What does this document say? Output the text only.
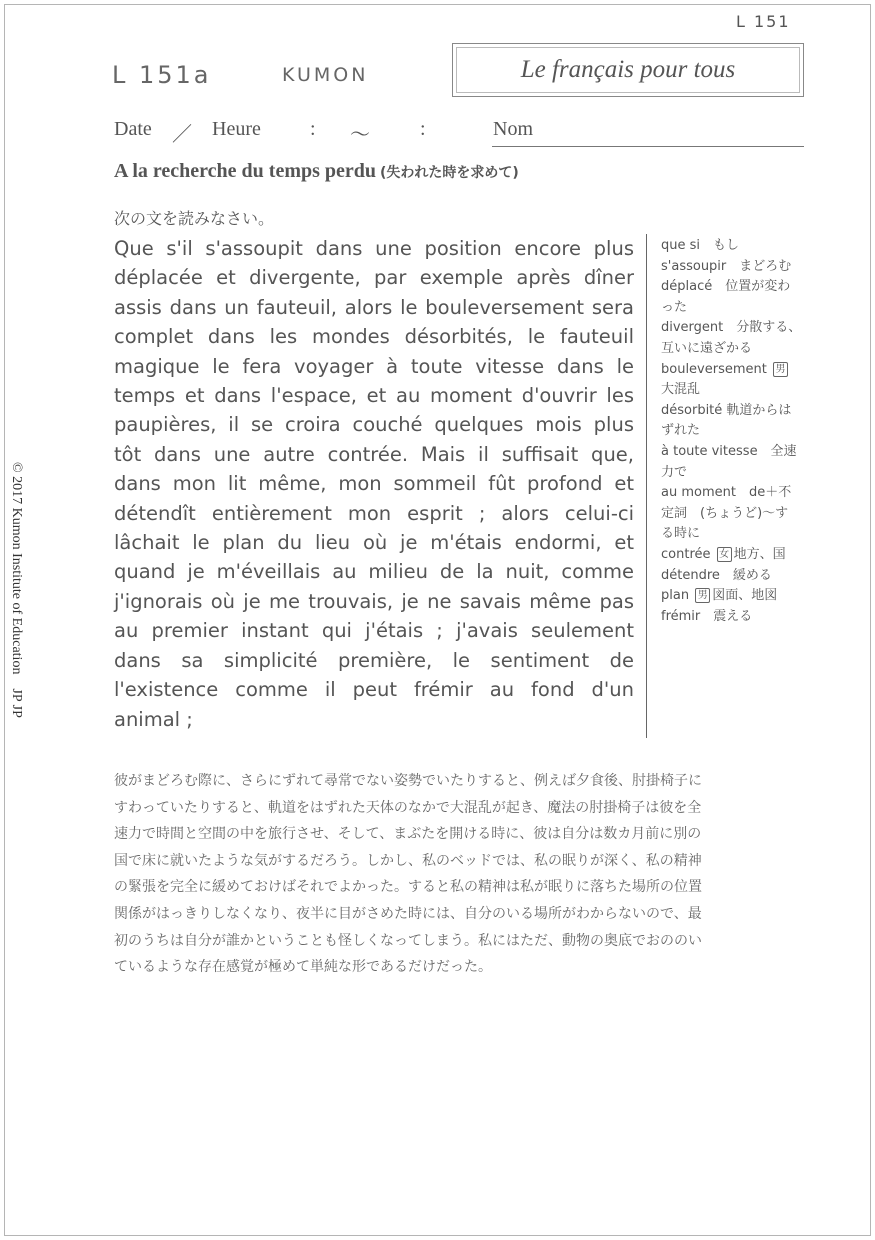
L 151
L 151a	KUMON	Le français pour tous
Date ／ Heure : 〜	:	Nom
A la recherche du temps perdu (失われた時を求めて)
次の文を読みなさい。
Que s'il s'assoupit dans une position encore plus
déplacée et divergente, par exemple après dîner
assis dans un fauteuil, alors le bouleversement sera
complet dans les mondes désorbités, le fauteuil
magique le fera voyager à toute vitesse dans le
temps et dans l'espace, et au moment d'ouvrir les
paupières, il se croira couché quelques mois plus
tôt dans une autre contrée. Mais il suffisait que,
dans mon lit même, mon sommeil fût profond et
détendît entièrement mon esprit ; alors celui-ci
lâchait le plan du lieu où je m'étais endormi, et
quand je m'éveillais au milieu de la nuit, comme
j'ignorais où je me trouvais, je ne savais même pas
au premier instant qui j'étais ; j'avais seulement
dans sa simplicité première, le sentiment de
l'existence comme il peut frémir au fond d'un
animal ;
que si　もし
s'assoupir　まどろむ
déplacé　位置が変わ
った
divergent　分散する、
互いに遠ざかる
bouleversement 男
大混乱
désorbité 軌道からは
ずれた
à toute vitesse　全速
力で
au moment　de＋不
定詞　(ちょうど)〜す
る時に
contrée 女 地方、国
détendre　緩める
plan 男 図面、地図
frémir　震える
© 2017 Kumon Institute of Education　JP JP
彼がまどろむ際に、さらにずれて尋常でない姿勢でいたりすると、例えば夕食後、肘掛椅子に
すわっていたりすると、軌道をはずれた天体のなかで大混乱が起き、魔法の肘掛椅子は彼を全
速力で時間と空間の中を旅行させ、そして、まぶたを開ける時に、彼は自分は数カ月前に別の
国で床に就いたような気がするだろう。しかし、私のベッドでは、私の眠りが深く、私の精神
の緊張を完全に緩めておけばそれでよかった。すると私の精神は私が眠りに落ちた場所の位置
関係がはっきりしなくなり、夜半に目がさめた時には、自分のいる場所がわからないので、最
初のうちは自分が誰かということも怪しくなってしまう。私にはただ、動物の奥底でおののい
ているような存在感覚が極めて単純な形であるだけだった。
